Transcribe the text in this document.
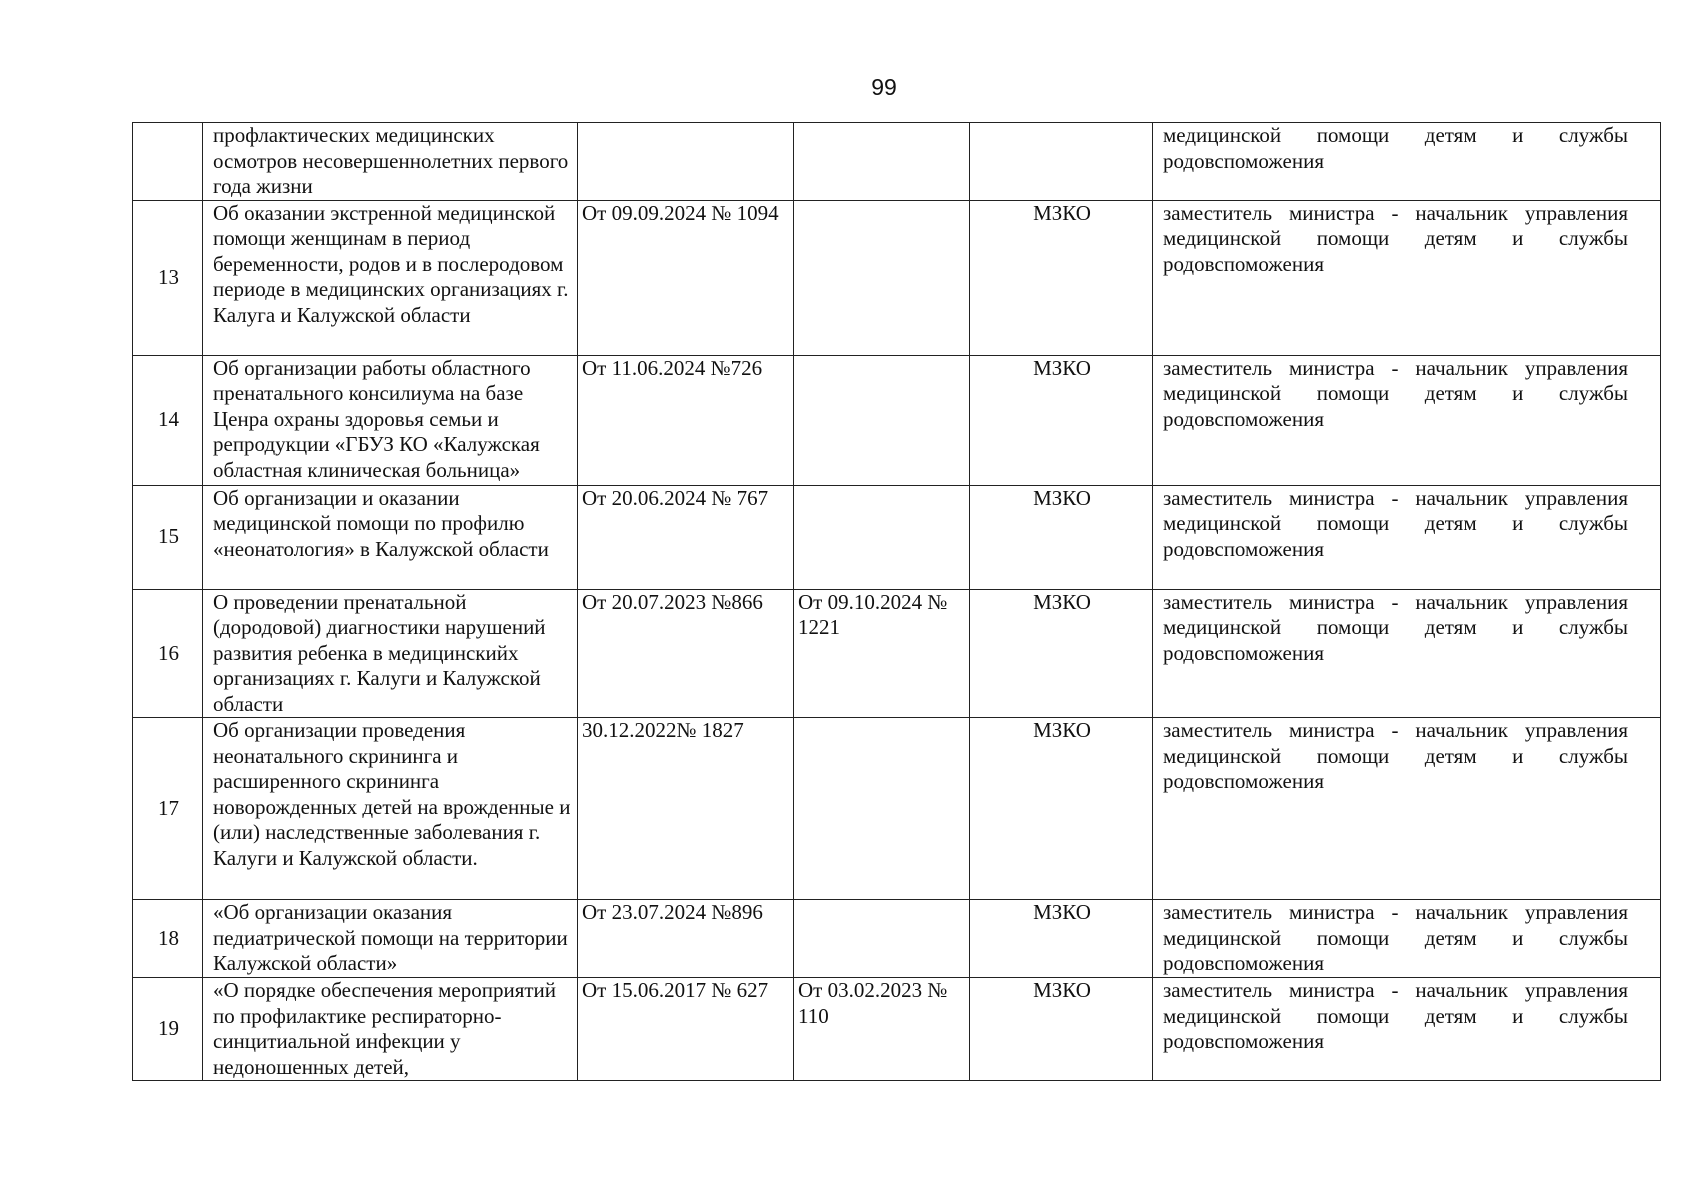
99
	профлактических медицинских осмотров несовершеннолетних первого года жизни				медицинской помощи детям и службы родовспоможения
13	Об оказании экстренной медицинской помощи женщинам в период беременности, родов и в послеродовом периоде в медицинских организациях г. Калуга и Калужской области	От 09.09.2024 № 1094		МЗКО	заместитель министра - начальник управления медицинской помощи детям и службы родовспоможения
14	Об организации работы областного пренатального консилиума на базе Ценра охраны здоровья семьи и репродукции «ГБУЗ КО «Калужская областная клиническая больница»	От 11.06.2024 №726		МЗКО	заместитель министра - начальник управления медицинской помощи детям и службы родовспоможения
15	Об организации и оказании медицинской помощи по профилю «неонатология» в Калужской области	От 20.06.2024 № 767		МЗКО	заместитель министра - начальник управления медицинской помощи детям и службы родовспоможения
16	О проведении пренатальной (дородовой) диагностики нарушений развития ребенка в медицинскийх организациях г. Калуги и Калужской области	От 20.07.2023 №866	От 09.10.2024 № 1221	МЗКО	заместитель министра - начальник управления медицинской помощи детям и службы родовспоможения
17	Об организации проведения неонатального скрининга и расширенного скрининга новорожденных детей на врожденные и (или) наследственные заболевания г. Калуги и Калужской области.	30.12.2022№ 1827		МЗКО	заместитель министра - начальник управления медицинской помощи детям и службы родовспоможения
18	«Об организации оказания педиатрической помощи на территории Калужской области»	От 23.07.2024 №896		МЗКО	заместитель министра - начальник управления медицинской помощи детям и службы родовспоможения
19	«О порядке обеспечения мероприятий по профилактике респираторно- синцитиальной инфекции у недоношенных детей,	От 15.06.2017 № 627	От 03.02.2023 № 110	МЗКО	заместитель министра - начальник управления медицинской помощи детям и службы родовспоможения
